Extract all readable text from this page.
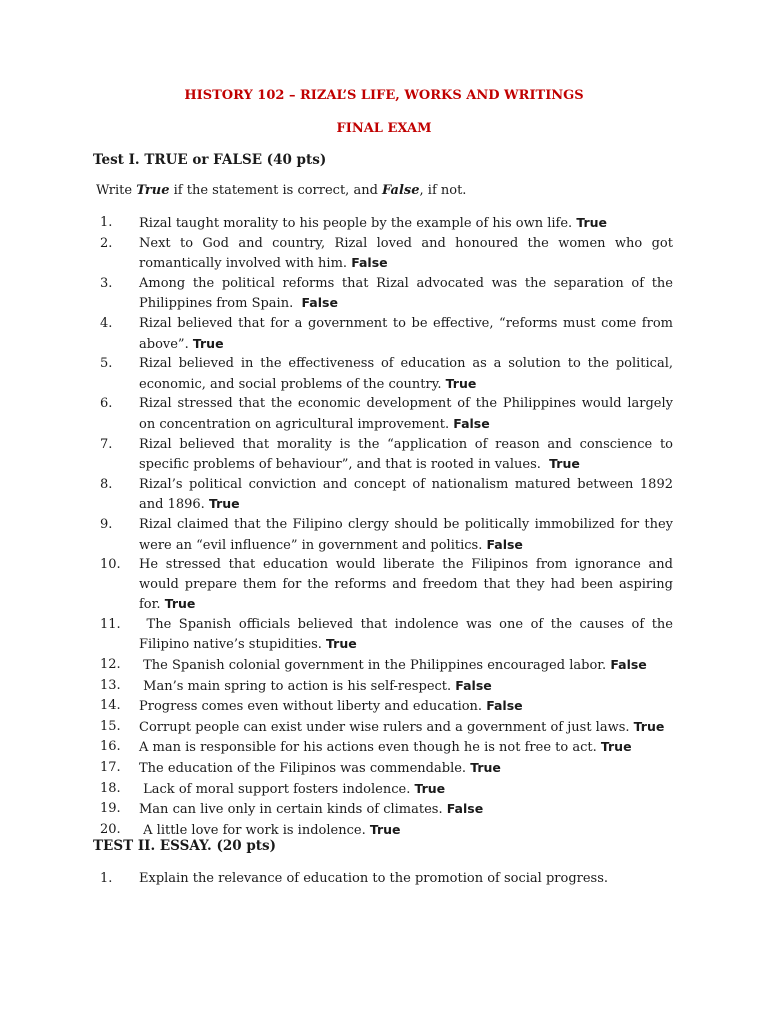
HISTORY 102 – RIZAL’S LIFE, WORKS AND WRITINGS
FINAL EXAM
Test I. TRUE or FALSE (40 pts)
Write True if the statement is correct, and False, if not.
1.	Rizal taught morality to his people by the example of his own life. True
2.	Next to God and country, Rizal loved and honoured the women who got romantically involved with him. False
3.	Among the political reforms that Rizal advocated was the separation of the Philippines from Spain.  False
4.	Rizal believed that for a government to be effective, “reforms must come from above”. True
5.	Rizal believed in the effectiveness of education as a solution to the political, economic, and social problems of the country. True
6.	Rizal stressed that the economic development of the Philippines would largely on concentration on agricultural improvement. False
7.	Rizal believed that morality is the “application of reason and conscience to specific problems of behaviour”, and that is rooted in values.  True
8.	Rizal’s political conviction and concept of nationalism matured between 1892 and 1896. True
9.	Rizal claimed that the Filipino clergy should be politically immobilized for they were an “evil influence” in government and politics. False
10.	He stressed that education would liberate the Filipinos from ignorance and would prepare them for the reforms and freedom that they had been aspiring for. True
11.	The Spanish officials believed that indolence was one of the causes of the Filipino native’s stupidities. True
12.	The Spanish colonial government in the Philippines encouraged labor. False
13.	Man’s main spring to action is his self-respect. False
14.	Progress comes even without liberty and education. False
15.	Corrupt people can exist under wise rulers and a government of just laws. True
16.	A man is responsible for his actions even though he is not free to act. True
17.	The education of the Filipinos was commendable. True
18.	Lack of moral support fosters indolence. True
19.	Man can live only in certain kinds of climates. False
20.	A little love for work is indolence. True
TEST II. ESSAY. (20 pts)
1.	Explain the relevance of education to the promotion of social progress.
